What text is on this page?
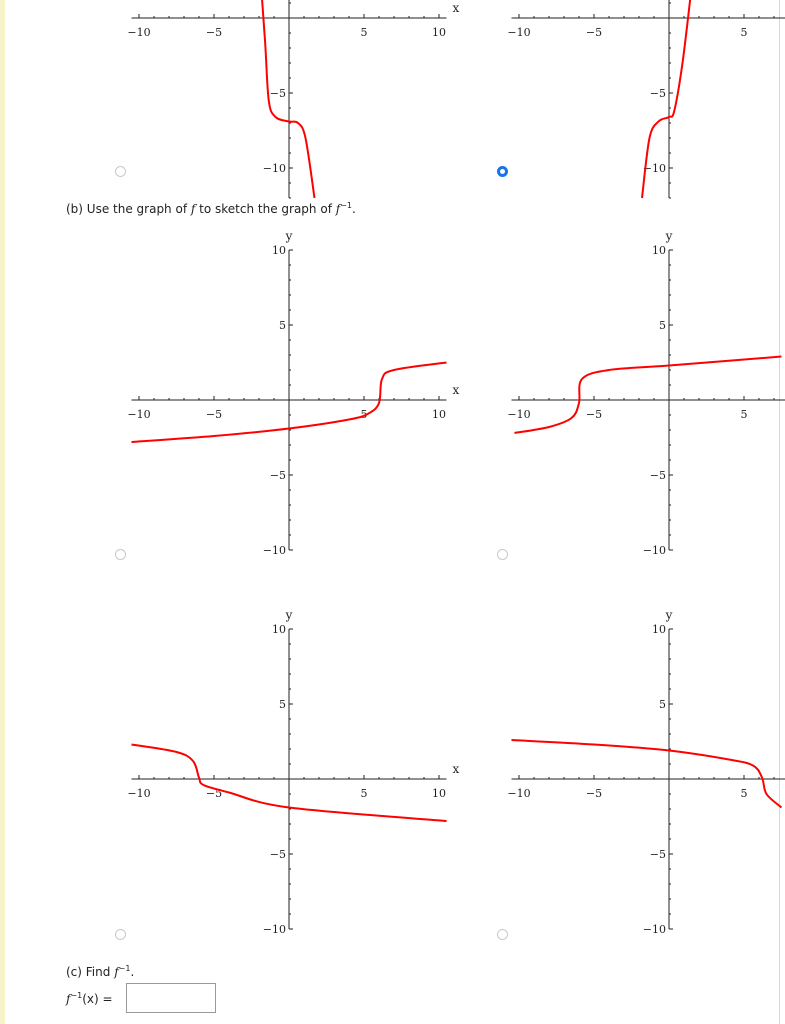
−10	−5	5	10
−5
−10
x
−10	−5	5
−5
−10
−10	−5	5	10
10
5
−5
−10
x
y
−10	−5	5
10
5
−5
−10
y
−10	−5	5	10
10
5
−5
−10
x
y
−10	−5	5
10
5
−5
−10
y
(b) Use the graph of f to sketch the graph of $f^{-1}$.
(c) Find $f^{-1}$.
$f^{-1}(x)$ =
